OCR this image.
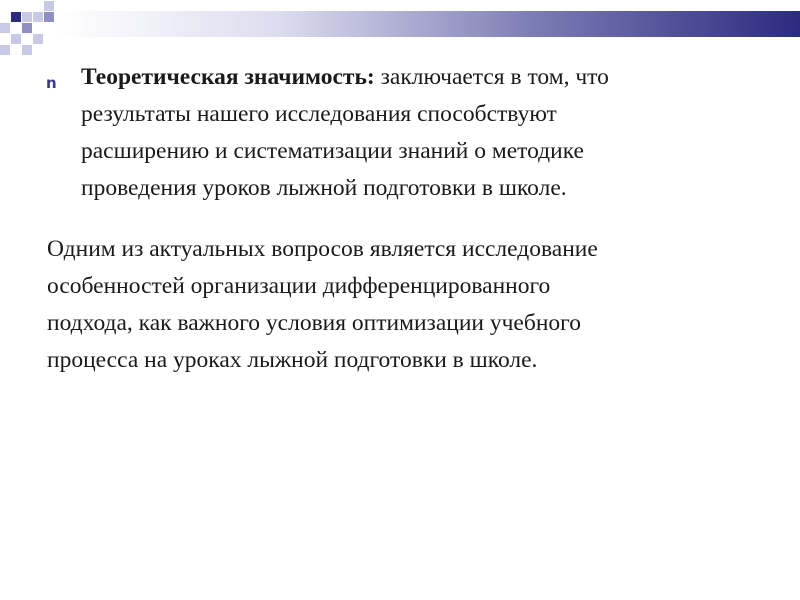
n Теоретическая значимость: заключается в том, что
результаты нашего исследования способствуют
расширению и систематизации знаний о методике
проведения уроков лыжной подготовки в школе.
Одним из актуальных вопросов является исследование
особенностей организации дифференцированного
подхода, как важного условия оптимизации учебного
процесса на уроках лыжной подготовки в школе.
